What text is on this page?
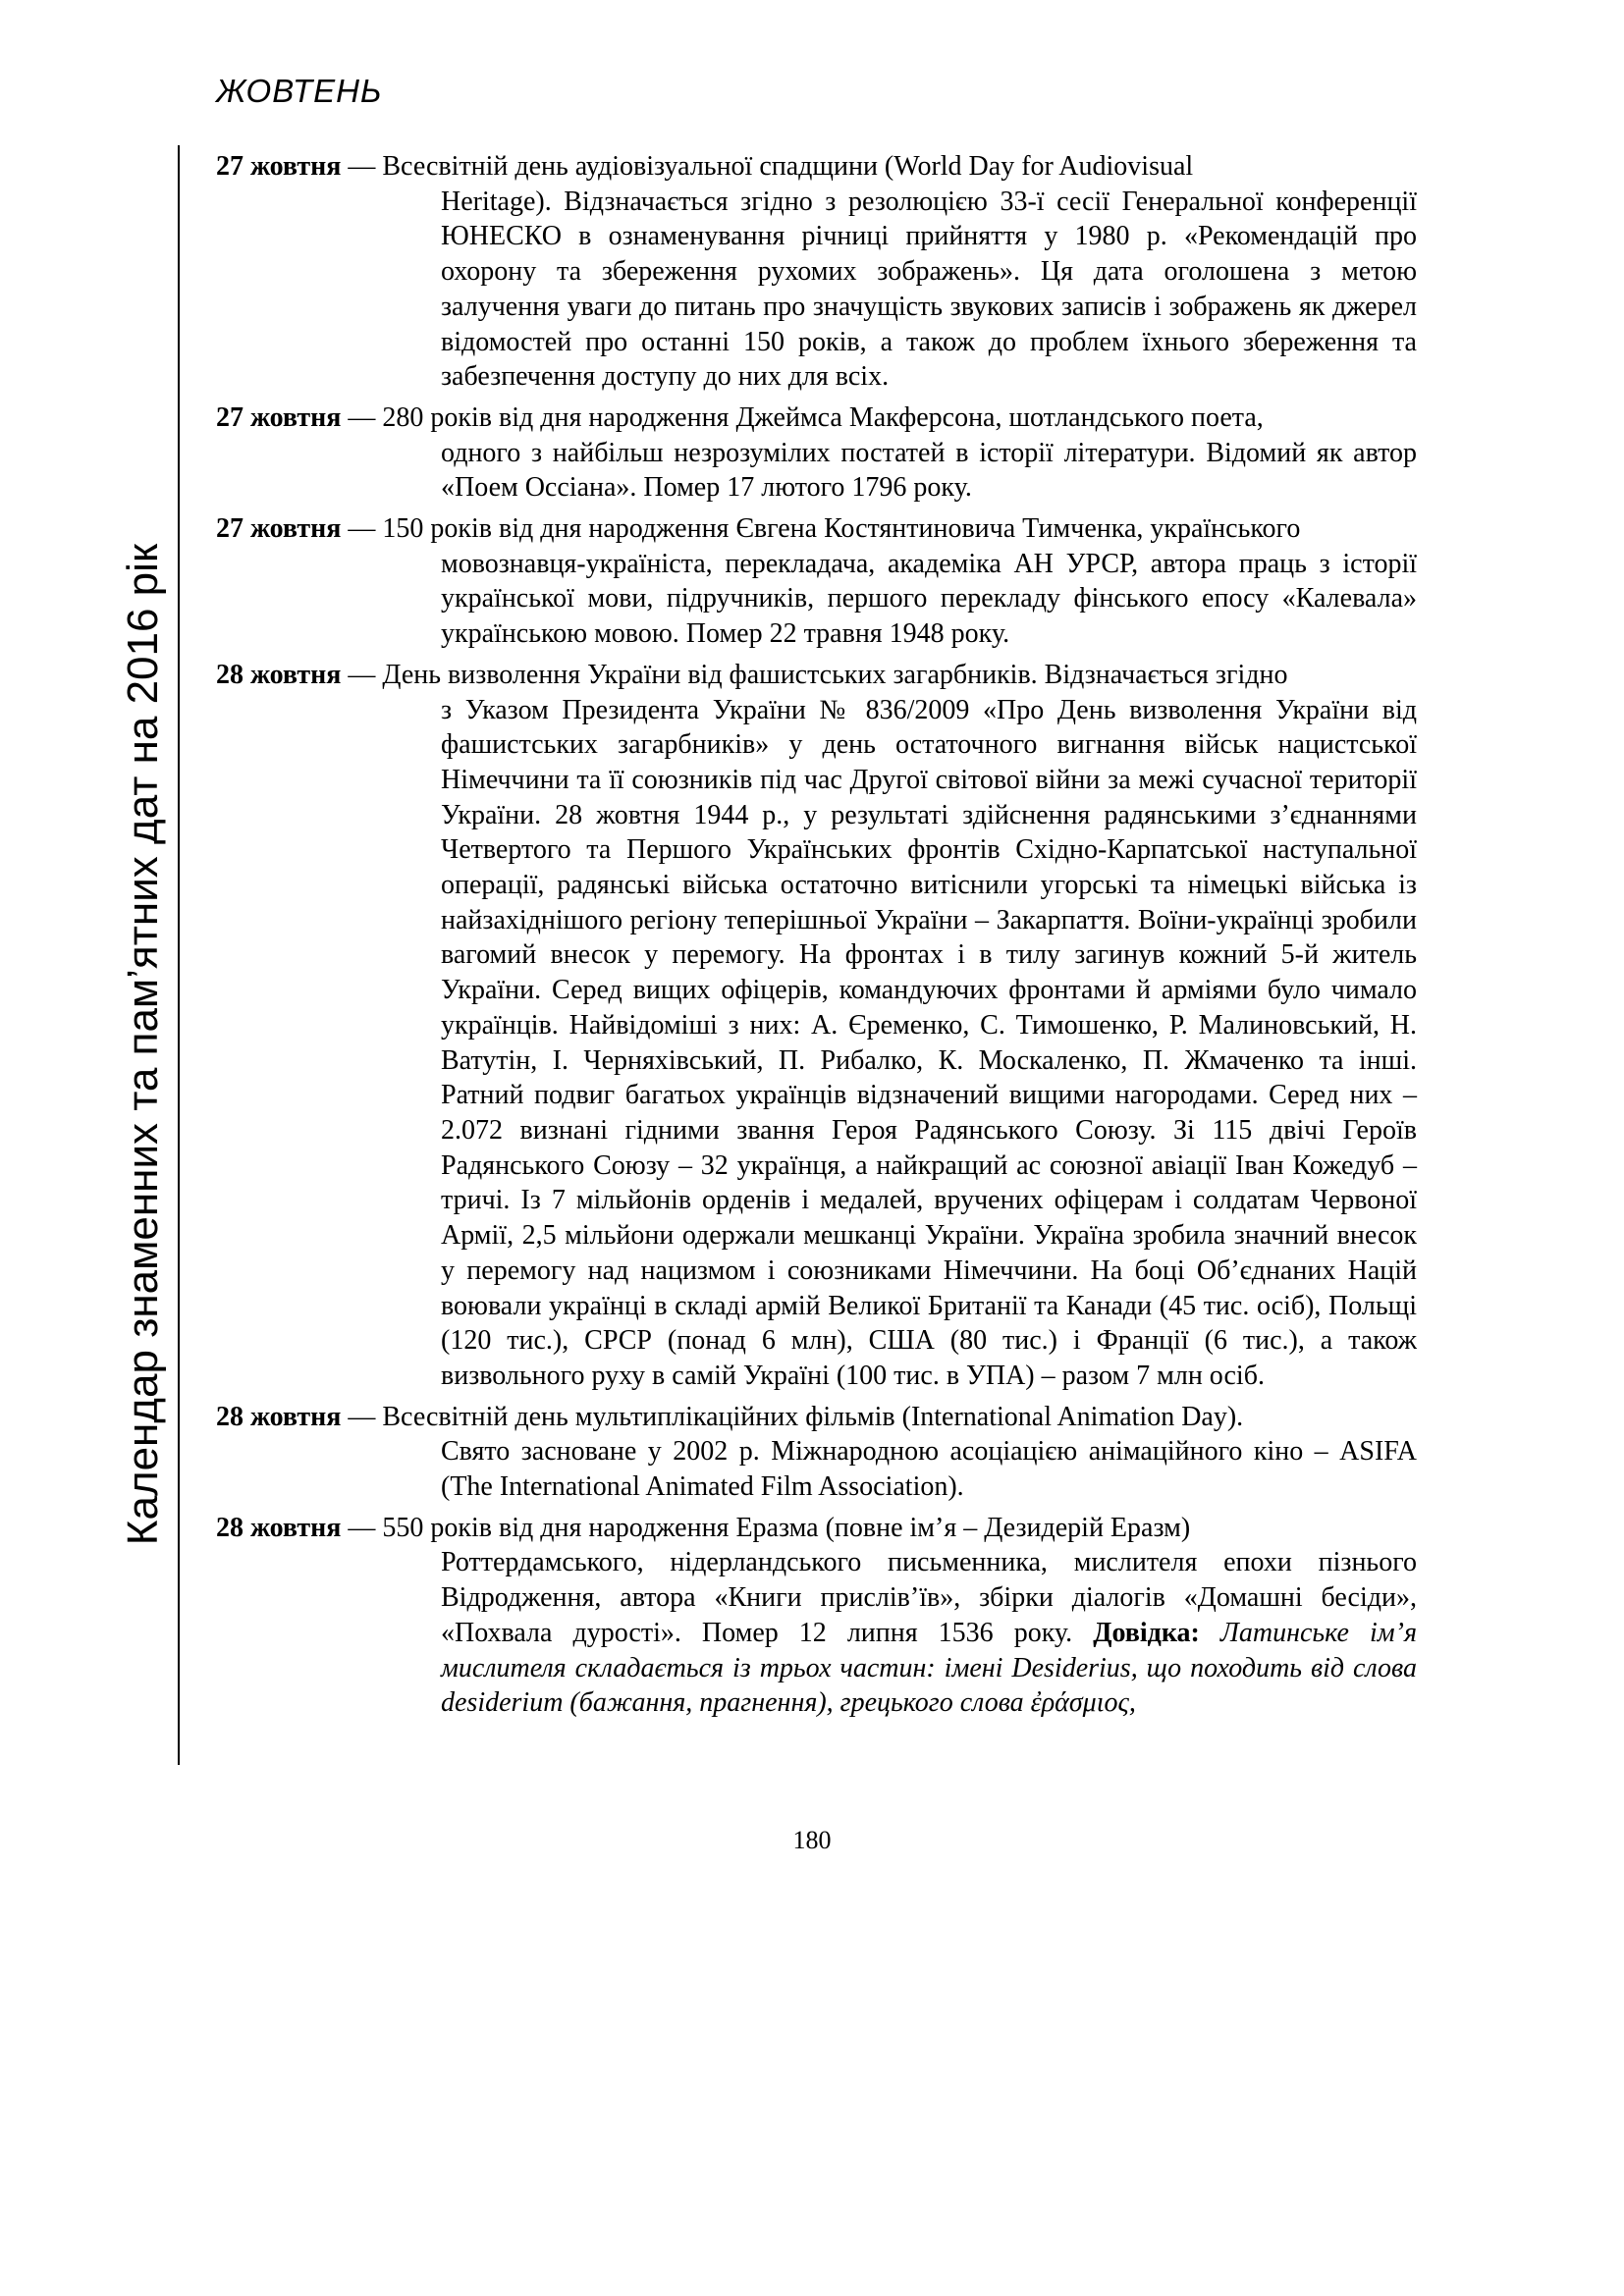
ЖОВТЕНЬ
Календар знаменних та пам’ятних дат на 2016 рік
27 жовтня — Всесвітній день аудіовізуальної спадщини (World Day for Audiovisual
Heritage). Відзначається згідно з резолюцією 33-ї сесії Генеральної конференції ЮНЕСКО в ознаменування річниці прийняття у 1980 р. «Рекомендацій про охорону та збереження рухомих зображень». Ця дата оголошена з метою залучення уваги до питань про значущість звукових записів і зображень як джерел відомостей про останні 150 років, а також до проблем їхнього збереження та забезпечення доступу до них для всіх.
27 жовтня — 280 років від дня народження Джеймса Макферсона, шотландського поета,
одного з найбільш незрозумілих постатей в історії літератури. Відомий як автор «Поем Оссіана». Помер 17 лютого 1796 року.
27 жовтня — 150 років від дня народження Євгена Костянтиновича Тимченка, українського
мовознавця-україніста, перекладача, академіка АН УРСР, автора праць з історії української мови, підручників, першого перекладу фінського епосу «Калевала» українською мовою. Помер 22 травня 1948 року.
28 жовтня — День визволення України від фашистських загарбників. Відзначається згідно
з Указом Президента України № 836/2009 «Про День визволення України від фашистських загарбників» у день остаточного вигнання військ нацистської Німеччини та її союзників під час Другої світової війни за межі сучасної території України. 28 жовтня 1944 р., у результаті здійснення радянськими з’єднаннями Четвертого та Першого Українських фронтів Східно-Карпатської наступальної операції, радянські війська остаточно витіснили угорські та німецькі війська із найзахіднішого регіону теперішньої України – Закарпаття. Воїни-українці зробили вагомий внесок у перемогу. На фронтах і в тилу загинув кожний 5-й житель України. Серед вищих офіцерів, командуючих фронтами й арміями було чимало українців. Найвідоміші з них: А. Єременко, С. Тимошенко, Р. Малиновський, Н. Ватутін, І. Черняхівський, П. Рибалко, К. Москаленко, П. Жмаченко та інші. Ратний подвиг багатьох українців відзначений вищими нагородами. Серед них – 2.072 визнані гідними звання Героя Радянського Союзу. Зі 115 двічі Героїв Радянського Союзу – 32 українця, а найкращий ас союзної авіації Іван Кожедуб – тричі. Із 7 мільйонів орденів і медалей, вручених офіцерам і солдатам Червоної Армії, 2,5 мільйони одержали мешканці України. Україна зробила значний внесок у перемогу над нацизмом і союзниками Німеччини. На боці Об’єднаних Націй воювали українці в складі армій Великої Британії та Канади (45 тис. осіб), Польщі (120 тис.), СРСР (понад 6 млн), США (80 тис.) і Франції (6 тис.), а також визвольного руху в самій Україні (100 тис. в УПА) – разом 7 млн осіб.
28 жовтня — Всесвітній день мультиплікаційних фільмів (International Animation Day).
Свято засноване у 2002 р. Міжнародною асоціацією анімаційного кіно – ASIFA (The International Animated Film Association).
28 жовтня — 550 років від дня народження Еразма (повне ім’я – Дезидерій Еразм)
Роттердамського, нідерландського письменника, мислителя епохи пізнього Відродження, автора «Книги прислів’їв», збірки діалогів «Домашні бесіди», «Похвала дурості». Помер 12 липня 1536 року. Довідка: Латинське ім’я мислителя складається із трьох частин: імені Desiderius, що походить від слова desiderium (бажання, прагнення), грецького слова ἐράσμιος,
180
